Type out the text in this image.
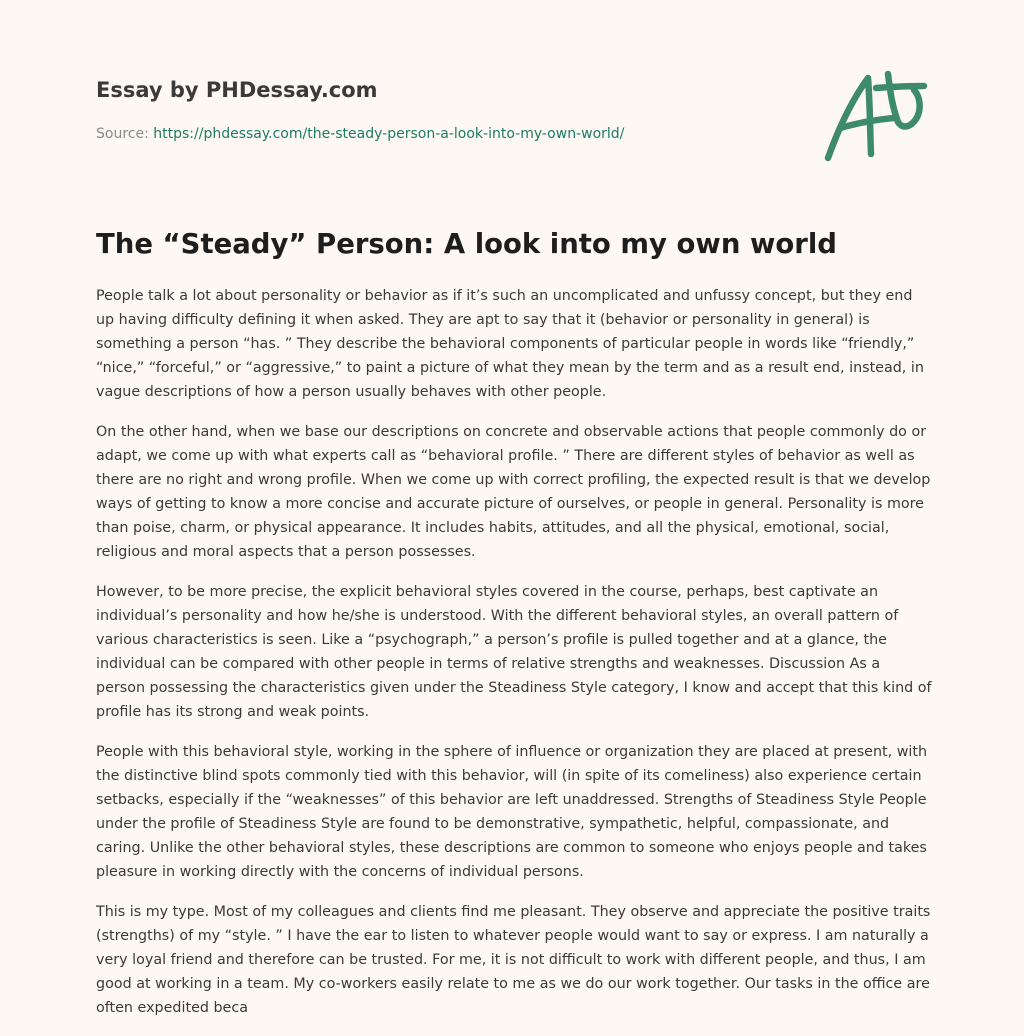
Essay by PHDessay.com
Source: https://phdessay.com/the-steady-person-a-look-into-my-own-world/
The “Steady” Person: A look into my own world

People talk a lot about personality or behavior as if it’s such an uncomplicated and unfussy concept, but they end up having difficulty defining it when asked. They are apt to say that it (behavior or personality in general) is something a person “has. ” They describe the behavioral components of particular people in words like “friendly,” “nice,” “forceful,” or “aggressive,” to paint a picture of what they mean by the term and as a result end, instead, in vague descriptions of how a person usually behaves with other people.

On the other hand, when we base our descriptions on concrete and observable actions that people commonly do or adapt, we come up with what experts call as “behavioral profile. ” There are different styles of behavior as well as there are no right and wrong profile. When we come up with correct profiling, the expected result is that we develop ways of getting to know a more concise and accurate picture of ourselves, or people in general. Personality is more than poise, charm, or physical appearance. It includes habits, attitudes, and all the physical, emotional, social, religious and moral aspects that a person possesses.

However, to be more precise, the explicit behavioral styles covered in the course, perhaps, best captivate an individual’s personality and how he/she is understood. With the different behavioral styles, an overall pattern of various characteristics is seen. Like a “psychograph,” a person’s profile is pulled together and at a glance, the individual can be compared with other people in terms of relative strengths and weaknesses. Discussion As a person possessing the characteristics given under the Steadiness Style category, I know and accept that this kind of profile has its strong and weak points.

People with this behavioral style, working in the sphere of influence or organization they are placed at present, with the distinctive blind spots commonly tied with this behavior, will (in spite of its comeliness) also experience certain setbacks, especially if the “weaknesses” of this behavior are left unaddressed. Strengths of Steadiness Style People under the profile of Steadiness Style are found to be demonstrative, sympathetic, helpful, compassionate, and caring. Unlike the other behavioral styles, these descriptions are common to someone who enjoys people and takes pleasure in working directly with the concerns of individual persons.

This is my type. Most of my colleagues and clients find me pleasant. They observe and appreciate the positive traits (strengths) of my “style. ” I have the ear to listen to whatever people would want to say or express. I am naturally a very loyal friend and therefore can be trusted. For me, it is not difficult to work with different people, and thus, I am good at working in a team. My co-workers easily relate to me as we do our work together. Our tasks in the office are often expedited beca
